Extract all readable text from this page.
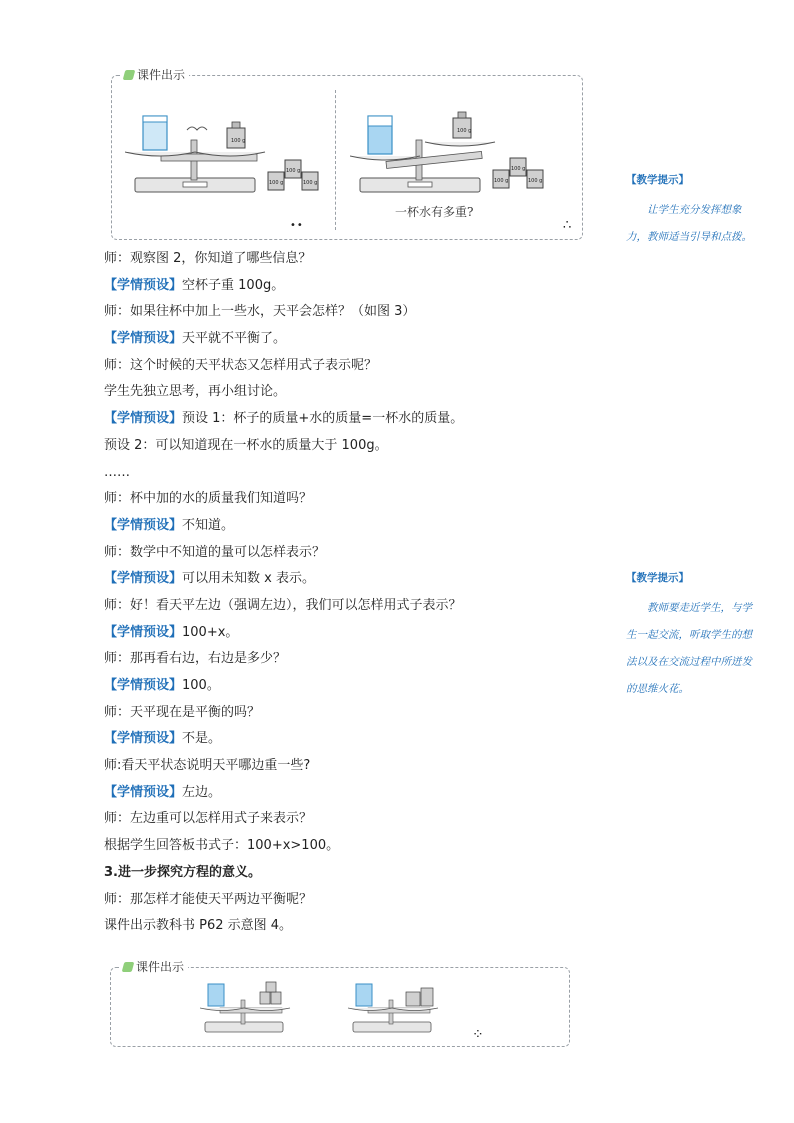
课件出示
100 g
100 g
100 g
100 g
••
100 g
100 g
100 g
100 g
一杯水有多重?
∴
师：观察图 2，你知道了哪些信息？
【学情预设】空杯子重 100g。
师：如果往杯中加上一些水，天平会怎样？（如图 3）
【学情预设】天平就不平衡了。
师：这个时候的天平状态又怎样用式子表示呢？
学生先独立思考，再小组讨论。
【学情预设】预设 1：杯子的质量+水的质量=一杯水的质量。
预设 2：可以知道现在一杯水的质量大于 100g。
……
师：杯中加的水的质量我们知道吗？
【学情预设】不知道。
师：数学中不知道的量可以怎样表示？
【学情预设】可以用未知数 x 表示。
师：好！看天平左边（强调左边），我们可以怎样用式子表示？
【学情预设】100+x。
师：那再看右边，右边是多少？
【学情预设】100。
师：天平现在是平衡的吗？
【学情预设】不是。
师:看天平状态说明天平哪边重一些?
【学情预设】左边。
师：左边重可以怎样用式子来表示？
根据学生回答板书式子：100+x>100。
3.进一步探究方程的意义。
师：那怎样才能使天平两边平衡呢？
课件出示教科书 P62 示意图 4。
【教学提示】
让学生充分发挥想象力，教师适当引导和点拨。
【教学提示】
教师要走近学生，与学生一起交流，听取学生的想法以及在交流过程中所迸发的思维火花。
课件出示
⁘
